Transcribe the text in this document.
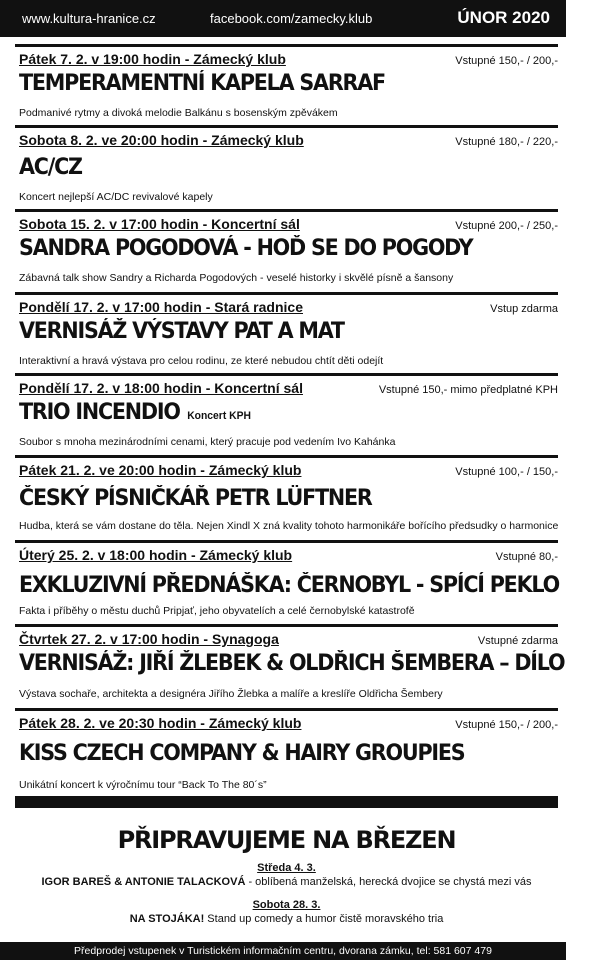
www.kultura-hranice.cz	facebook.com/zamecky.klub	ÚNOR 2020
Pátek 7. 2. v 19:00 hodin - Zámecký klub	Vstupné 150,- / 200,-
TEMPERAMENTNÍ KAPELA SARRAF
Podmanivé rytmy a divoká melodie Balkánu s bosenským zpěvákem
Sobota 8. 2. ve 20:00 hodin - Zámecký klub	Vstupné 180,- / 220,-
AC/CZ
Koncert nejlepší AC/DC revivalové kapely
Sobota 15. 2. v 17:00 hodin - Koncertní sál	Vstupné 200,- / 250,-
SANDRA POGODOVÁ - HOĎ SE DO POGODY
Zábavná talk show Sandry a Richarda Pogodových - veselé historky i skvělé písně a šansony
Pondělí 17. 2. v 17:00 hodin - Stará radnice	Vstup zdarma
VERNISÁŽ VÝSTAVY PAT A MAT
Interaktivní a hravá výstava pro celou rodinu, ze které nebudou chtít děti odejít
Pondělí 17. 2. v 18:00 hodin - Koncertní sál	Vstupné 150,- mimo předplatné KPH
TRIO INCENDIO Koncert KPH
Soubor s mnoha mezinárodními cenami, který pracuje pod vedením Ivo Kahánka
Pátek 21. 2. ve 20:00 hodin - Zámecký klub	Vstupné 100,- / 150,-
ČESKÝ PÍSNIČKÁŘ PETR LÜFTNER
Hudba, která se vám dostane do těla. Nejen Xindl X zná kvality tohoto harmonikáře bořícího předsudky o harmonice
Úterý 25. 2. v 18:00 hodin - Zámecký klub	Vstupné 80,-
EXKLUZIVNÍ PŘEDNÁŠKA: ČERNOBYL - SPÍCÍ PEKLO
Fakta i příběhy o městu duchů Pripjať, jeho obyvatelích a celé černobylské katastrofě
Čtvrtek 27. 2. v 17:00 hodin - Synagoga	Vstupné zdarma
VERNISÁŽ: JIŘÍ ŽLEBEK & OLDŘICH ŠEMBERA – DÍLO
Výstava sochaře, architekta a designéra Jiřího Žlebka a malíře a kreslíře Oldřicha Šembery
Pátek 28. 2. ve 20:30 hodin - Zámecký klub	Vstupné 150,- / 200,-
KISS CZECH COMPANY & HAIRY GROUPIES
Unikátní koncert k výročnímu tour “Back To The 80´s”
PŘIPRAVUJEME NA BŘEZEN
Středa 4. 3.
IGOR BAREŠ & ANTONIE TALACKOVÁ - oblíbená manželská, herecká dvojice se chystá mezi vás
Sobota 28. 3.
NA STOJÁKA! Stand up comedy a humor čistě moravského tria
Předprodej vstupenek v Turistickém informačním centru, dvorana zámku, tel: 581 607 479
